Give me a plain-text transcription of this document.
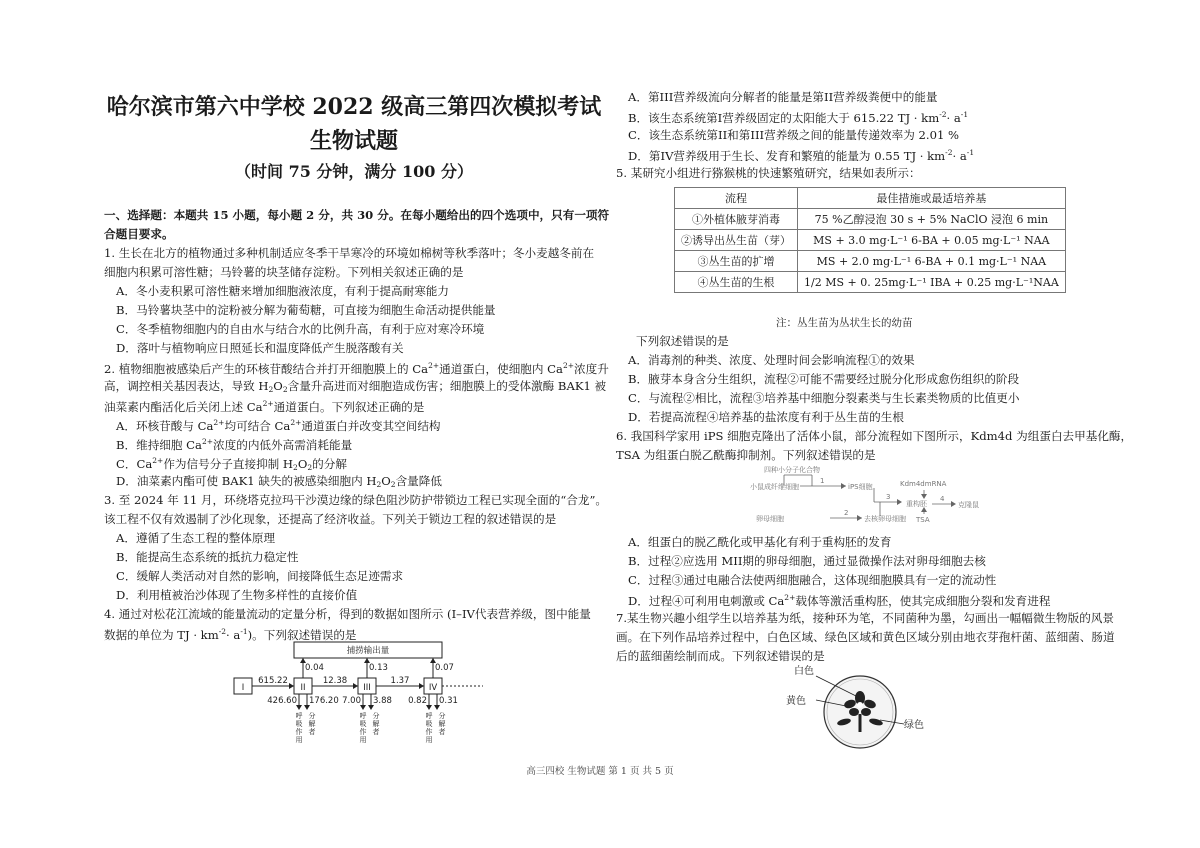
哈尔滨市第六中学校 2022 级高三第四次模拟考试
生物试题
（时间 75 分钟，满分 100 分）
一、选择题：本题共 15 小题，每小题 2 分，共 30 分。在每小题给出的四个选项中，只有一项符
合题目要求。
1. 生长在北方的植物通过多种机制适应冬季干旱寒冷的环境如棉树等秋季落叶；冬小麦越冬前在
细胞内积累可溶性糖；马铃薯的块茎储存淀粉。下列相关叙述正确的是
A．冬小麦积累可溶性糖来增加细胞液浓度，有利于提高耐寒能力
B．马铃薯块茎中的淀粉被分解为葡萄糖，可直接为细胞生命活动提供能量
C．冬季植物细胞内的自由水与结合水的比例升高，有利于应对寒冷环境
D．落叶与植物响应日照延长和温度降低产生脱落酸有关
2. 植物细胞被感染后产生的环核苷酸结合并打开细胞膜上的 $Ca^{2+}$通道蛋白，使细胞内 $Ca^{2+}$浓度升
高，调控相关基因表达，导致 $H_2O_2$含量升高进而对细胞造成伤害；细胞膜上的受体激酶 BAK1 被
油菜素内酯活化后关闭上述 $Ca^{2+}$通道蛋白。下列叙述正确的是
A．环核苷酸与 $Ca^{2+}$均可结合 $Ca^{2+}$通道蛋白并改变其空间结构
B．维持细胞 $Ca^{2+}$浓度的内低外高需消耗能量
C．$Ca^{2+}$作为信号分子直接抑制 $H_2O_2$的分解
D．油菜素内酯可使 BAK1 缺失的被感染细胞内 $H_2O_2$含量降低
3. 至 2024 年 11 月，环绕塔克拉玛干沙漠边缘的绿色阻沙防护带锁边工程已实现全面的“合龙”。
该工程不仅有效遏制了沙化现象，还提高了经济收益。下列关于锁边工程的叙述错误的是
A．遵循了生态工程的整体原理
B．能提高生态系统的抵抗力稳定性
C．缓解人类活动对自然的影响，间接降低生态足迹需求
D．利用植被治沙体现了生物多样性的直接价值
4. 通过对松花江流域的能量流动的定量分析，得到的数据如图所示 (I–IV代表营养级，图中能量
数据的单位为 TJ · $km^{-2}\cdot a^{-1}$)。下列叙述错误的是
捕捞输出量
I	II	III	IV
615.22	12.38	1.37
0.04	0.13	0.07
426.60 176.20 7.00 3.88 0.82 0.31
呼
吸
作
用
分
解
者
呼
吸
作
用
分
解
者
呼
吸
作
用
分
解
者
A．第III营养级流向分解者的能量是第II营养级粪便中的能量
B．该生态系统第I营养级固定的太阳能大于 615.22 TJ · $km^{-2}\cdot a^{-1}$
C．该生态系统第II和第III营养级之间的能量传递效率为 2.01 %
D．第IV营养级用于生长、发育和繁殖的能量为 0.55 TJ · $km^{-2}\cdot a^{-1}$
5. 某研究小组进行猕猴桃的快速繁殖研究，结果如表所示：
流程	最佳措施或最适培养基
①外植体腋芽消毒	75 %乙醇浸泡 30 s + 5% NaClO 浸泡 6 min
②诱导出丛生苗（芽）	MS + 3.0 mg·L⁻¹ 6-BA + 0.05 mg·L⁻¹ NAA
③丛生苗的扩增	MS + 2.0 mg·L⁻¹ 6-BA + 0.1 mg·L⁻¹ NAA
④丛生苗的生根	1/2 MS + 0. 25mg·L⁻¹ IBA + 0.25 mg·L⁻¹NAA
注：丛生苗为丛状生长的幼苗
下列叙述错误的是
A．消毒剂的种类、浓度、处理时间会影响流程①的效果
B．腋芽本身含分生组织，流程②可能不需要经过脱分化形成愈伤组织的阶段
C．与流程②相比，流程③培养基中细胞分裂素类与生长素类物质的比值更小
D．若提高流程④培养基的盐浓度有利于丛生苗的生根
6. 我国科学家用 iPS 细胞克隆出了活体小鼠，部分流程如下图所示，Kdm4d 为组蛋白去甲基化酶，
TSA 为组蛋白脱乙酰酶抑制剂。下列叙述错误的是
A．组蛋白的脱乙酰化或甲基化有利于重构胚的发育
B．过程②应选用 MII期的卵母细胞，通过显微操作法对卵母细胞去核
C．过程③通过电融合法使两细胞融合，这体现细胞膜具有一定的流动性
D．过程④可利用电刺激或 $Ca^{2+}$载体等激活重构胚，使其完成细胞分裂和发育进程
7.某生物兴趣小组学生以培养基为纸，接种环为笔，不同菌种为墨，勾画出一幅幅微生物版的风景
画。在下列作品培养过程中，白色区域、绿色区域和黄色区域分别由地衣芽孢杆菌、蓝细菌、肠道
后的蓝细菌绘制而成。下列叙述错误的是
四种小分子化合物
小鼠成纤维细胞	iPS细胞
卵母细胞	去核卵母细胞
Kdm4dmRNA
重构胚
TSA
克隆鼠
1
2
3	4
白色
黄色
绿色
高三四校 生物试题 第 1 页 共 5 页
